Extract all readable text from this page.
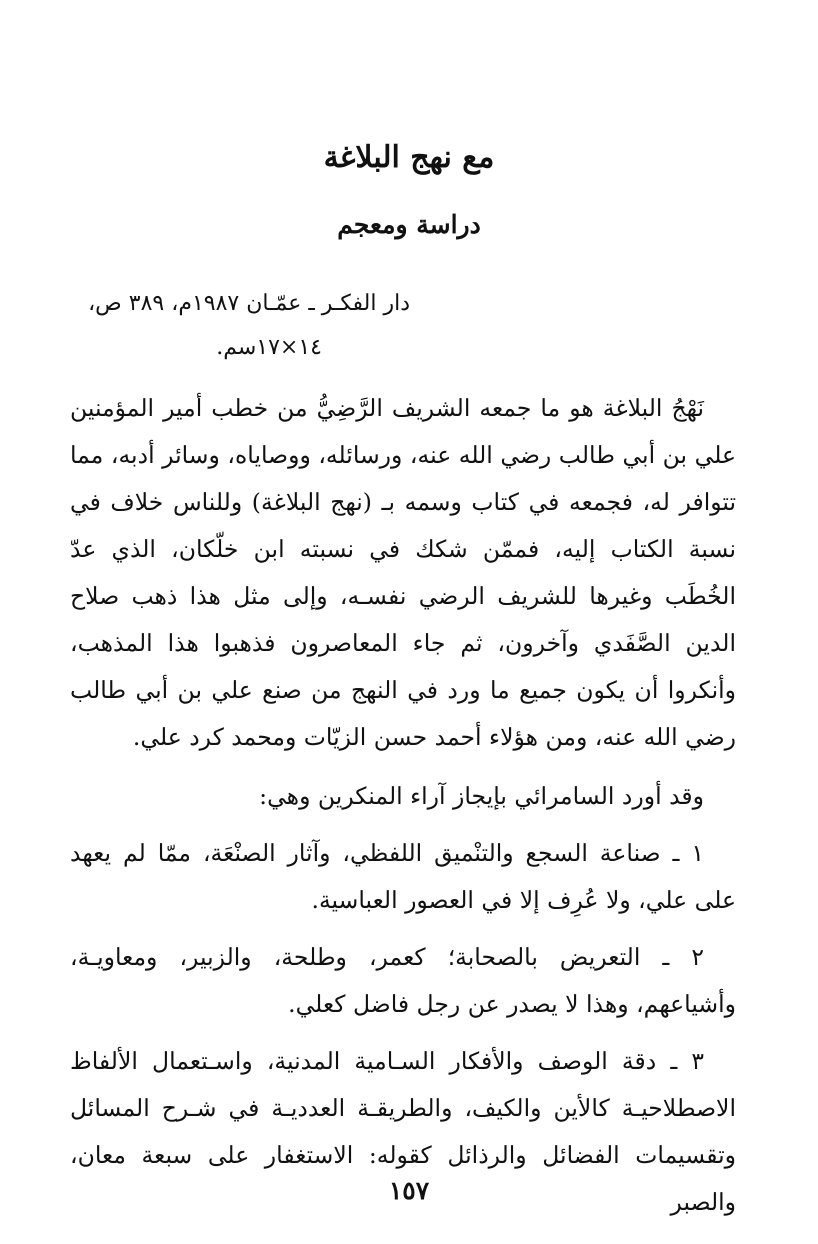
مع نهج البلاغة
دراسة ومعجم
دار الفكـر ـ عمّـان ١٩٨٧م، ٣٨٩ ص،
١٤×١٧سم.

نَهْجُ البلاغة هو ما جمعه الشريف الرَّضِيُّ من خطب أمير المؤمنين علي بن أبي طالب رضي الله عنه، ورسائله، ووصاياه، وسائر أدبه، مما تتوافر له، فجمعه في كتاب وسمه بـ (نهج البلاغة) وللناس خلاف في نسبة الكتاب إليه، فممّن شكك في نسبته ابن خلّكان، الذي عدّ الخُطَب وغيرها للشريف الرضي نفسـه، وإلى مثل هذا ذهب صلاح الدين الصَّفَدي وآخرون، ثم جاء المعاصرون فذهبوا هذا المذهب، وأنكروا أن يكون جميع ما ورد في النهج من صنع علي بن أبي طالب رضي الله عنه، ومن هؤلاء أحمد حسن الزيّات ومحمد كرد علي.

وقد أورد السامرائي بإيجاز آراء المنكرين وهي:

١ ـ صناعة السجع والتنْميق اللفظي، وآثار الصنْعَة، ممّا لم يعهد على علي، ولا عُرِف إلا في العصور العباسية.

٢ ـ التعريض بالصحابة؛ كعمر، وطلحة، والزبير، ومعاويـة، وأشياعهم، وهذا لا يصدر عن رجل فاضل كعلي.

٣ ـ دقة الوصف والأفكار السـامية المدنية، واسـتعمال الألفاظ الاصطلاحيـة كالأين والكيف، والطريقـة العدديـة في شـرح المسائل وتقسيمات الفضائل والرذائل كقوله: الاستغفار على سبعة معان، والصبر

١٥٧
